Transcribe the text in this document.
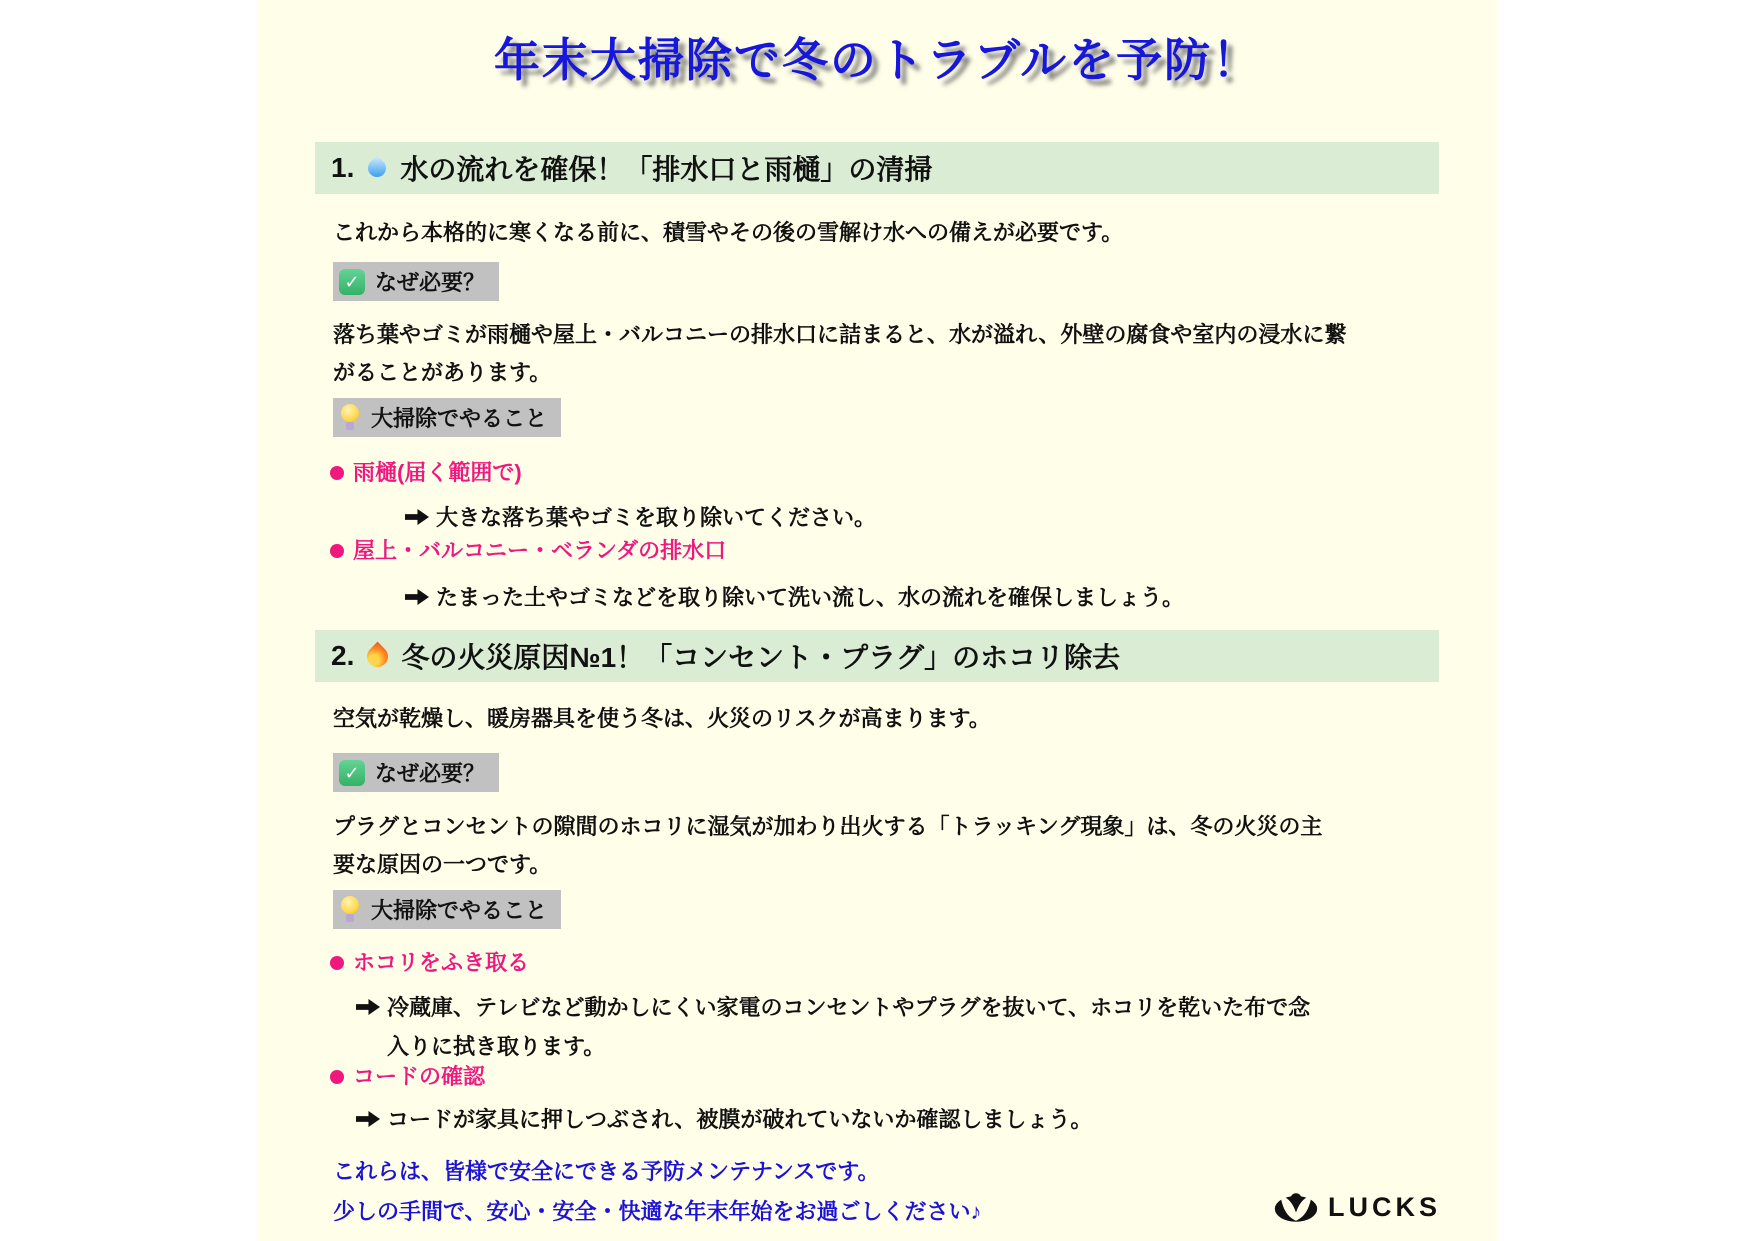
年末大掃除で冬のトラブルを予防！
1. 水の流れを確保！「排水口と雨樋」の清掃
これから本格的に寒くなる前に、積雪やその後の雪解け水への備えが必要です。
✓
なぜ必要？
落ち葉やゴミが雨樋や屋上・バルコニーの排水口に詰まると、水が溢れ、外壁の腐食や室内の浸水に繋がることがあります。
大掃除でやること
雨樋(届く範囲で)
大きな落ち葉やゴミを取り除いてください。
屋上・バルコニー・ベランダの排水口
たまった土やゴミなどを取り除いて洗い流し、水の流れを確保しましょう。
2. 冬の火災原因№1！「コンセント・プラグ」のホコリ除去
空気が乾燥し、暖房器具を使う冬は、火災のリスクが高まります。
✓
なぜ必要？
プラグとコンセントの隙間のホコリに湿気が加わり出火する「トラッキング現象」は、冬の火災の主要な原因の一つです。
大掃除でやること
ホコリをふき取る
冷蔵庫、テレビなど動かしにくい家電のコンセントやプラグを抜いて、ホコリを乾いた布で念入りに拭き取ります。
コードの確認
コードが家具に押しつぶされ、被膜が破れていないか確認しましょう。
これらは、皆様で安全にできる予防メンテナンスです。
少しの手間で、安心・安全・快適な年末年始をお過ごしください♪	LUCKS
